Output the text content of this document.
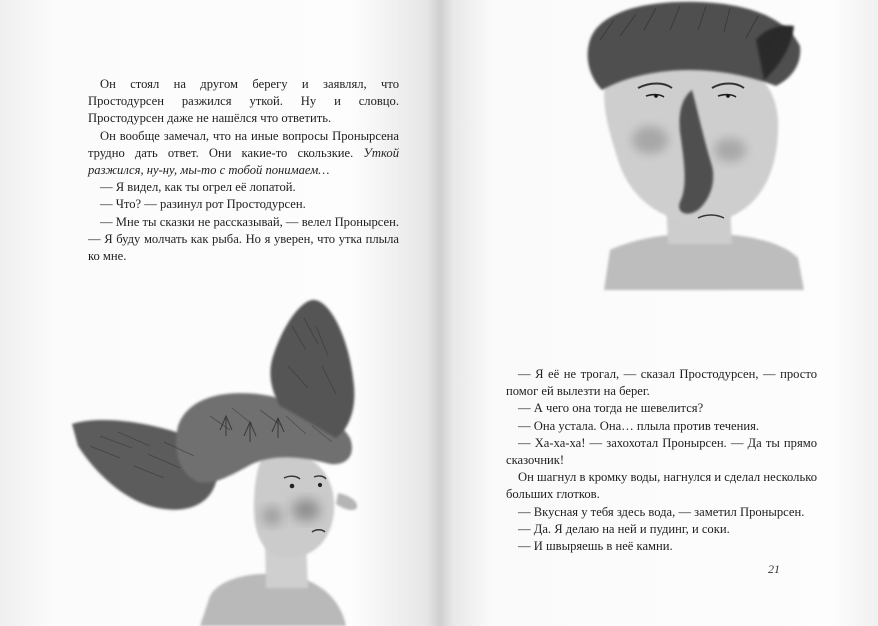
Он стоял на другом берегу и заявлял, что Простодурсен разжился уткой. Ну и словцо. Простодурсен даже не нашёлся что ответить.

Он вообще замечал, что на иные вопросы Пронырсена трудно дать ответ. Они какие-то скользкие. Уткой разжился, ну-ну, мы-то с тобой понимаем…

— Я видел, как ты огрел её лопатой.

— Что? — разинул рот Простодурсен.

— Мне ты сказки не рассказывай, — велел Пронырсен. — Я буду молчать как рыба. Но я уверен, что утка плыла ко мне.

— Я её не трогал, — сказал Простодурсен, — просто помог ей вылезти на берег.

— А чего она тогда не шевелится?

— Она устала. Она… плыла против течения.

— Ха-ха-ха! — захохотал Пронырсен. — Да ты прямо сказочник!

Он шагнул в кромку воды, нагнулся и сделал несколько больших глотков.

— Вкусная у тебя здесь вода, — заметил Пронырсен.

— Да. Я делаю на ней и пудинг, и соки.

— И швыряешь в неё камни.

21
